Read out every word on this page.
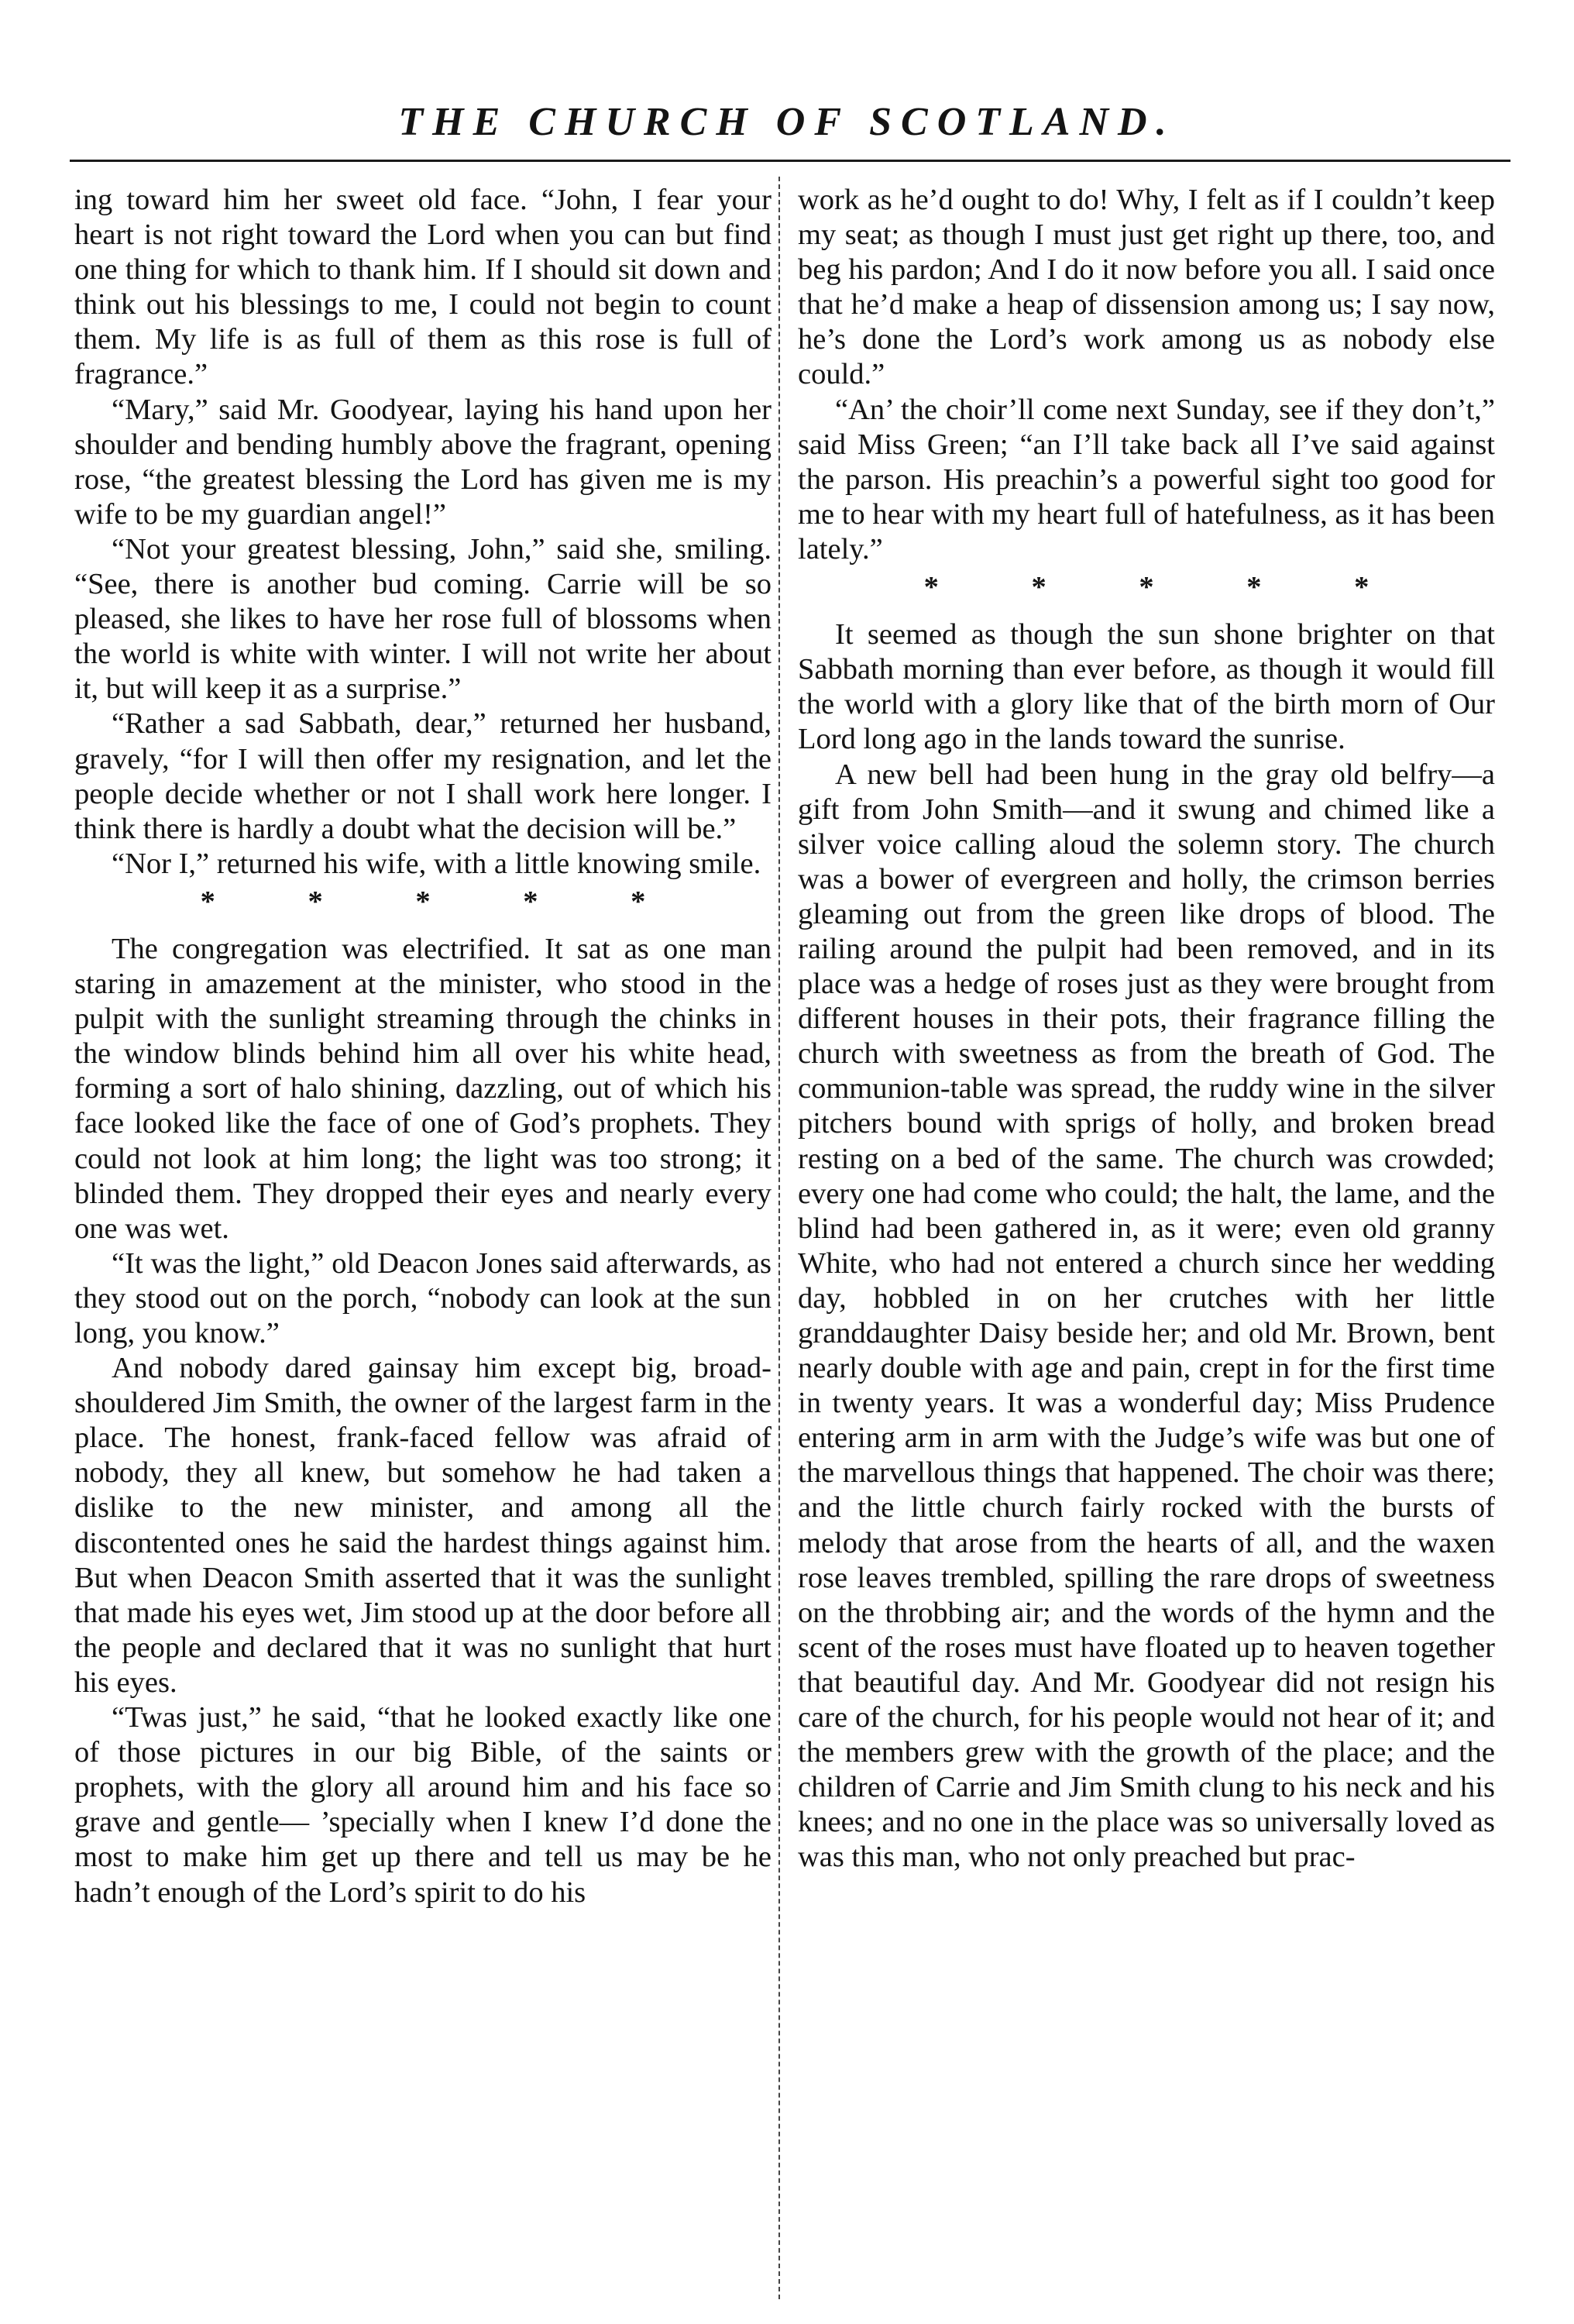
THE CHURCH OF SCOTLAND.

ing toward him her sweet old face. “John, I fear your heart is not right toward the Lord when you can but find one thing for which to thank him. If I should sit down and think out his blessings to me, I could not begin to count them. My life is as full of them as this rose is full of fragrance.”

“Mary,” said Mr. Goodyear, laying his hand upon her shoulder and bending humbly above the fragrant, opening rose, “the greatest blessing the Lord has given me is my wife to be my guardian angel!”

“Not your greatest blessing, John,” said she, smiling. “See, there is another bud coming. Carrie will be so pleased, she likes to have her rose full of blossoms when the world is white with winter. I will not write her about it, but will keep it as a surprise.”

“Rather a sad Sabbath, dear,” returned her husband, gravely, “for I will then offer my resignation, and let the people decide whether or not I shall work here longer. I think there is hardly a doubt what the decision will be.”

“Nor I,” returned his wife, with a little knowing smile.

* * * * *

The congregation was electrified. It sat as one man staring in amazement at the minister, who stood in the pulpit with the sunlight streaming through the chinks in the window blinds behind him all over his white head, forming a sort of halo shining, dazzling, out of which his face looked like the face of one of God’s prophets. They could not look at him long; the light was too strong; it blinded them. They dropped their eyes and nearly every one was wet.

“It was the light,” old Deacon Jones said afterwards, as they stood out on the porch, “nobody can look at the sun long, you know.”

And nobody dared gainsay him except big, broad-shouldered Jim Smith, the owner of the largest farm in the place. The honest, frank-faced fellow was afraid of nobody, they all knew, but somehow he had taken a dislike to the new minister, and among all the discontented ones he said the hardest things against him. But when Deacon Smith asserted that it was the sunlight that made his eyes wet, Jim stood up at the door before all the people and declared that it was no sunlight that hurt his eyes.

“Twas just,” he said, “that he looked exactly like one of those pictures in our big Bible, of the saints or prophets, with the glory all around him and his face so grave and gentle— ’specially when I knew I’d done the most to make him get up there and tell us may be he hadn’t enough of the Lord’s spirit to do his

work as he’d ought to do! Why, I felt as if I couldn’t keep my seat; as though I must just get right up there, too, and beg his pardon; And I do it now before you all. I said once that he’d make a heap of dissension among us; I say now, he’s done the Lord’s work among us as nobody else could.”

“An’ the choir’ll come next Sunday, see if they don’t,” said Miss Green; “an I’ll take back all I’ve said against the parson. His preachin’s a powerful sight too good for me to hear with my heart full of hatefulness, as it has been lately.”

* * * * *

It seemed as though the sun shone brighter on that Sabbath morning than ever before, as though it would fill the world with a glory like that of the birth morn of Our Lord long ago in the lands toward the sunrise.

A new bell had been hung in the gray old belfry—a gift from John Smith—and it swung and chimed like a silver voice calling aloud the solemn story. The church was a bower of evergreen and holly, the crimson berries gleaming out from the green like drops of blood. The railing around the pulpit had been removed, and in its place was a hedge of roses just as they were brought from different houses in their pots, their fragrance filling the church with sweetness as from the breath of God. The communion-table was spread, the ruddy wine in the silver pitchers bound with sprigs of holly, and broken bread resting on a bed of the same. The church was crowded; every one had come who could; the halt, the lame, and the blind had been gathered in, as it were; even old granny White, who had not entered a church since her wedding day, hobbled in on her crutches with her little granddaughter Daisy beside her; and old Mr. Brown, bent nearly double with age and pain, crept in for the first time in twenty years. It was a wonderful day; Miss Prudence entering arm in arm with the Judge’s wife was but one of the marvellous things that happened. The choir was there; and the little church fairly rocked with the bursts of melody that arose from the hearts of all, and the waxen rose leaves trembled, spilling the rare drops of sweetness on the throbbing air; and the words of the hymn and the scent of the roses must have floated up to heaven together that beautiful day. And Mr. Goodyear did not resign his care of the church, for his people would not hear of it; and the members grew with the growth of the place; and the children of Carrie and Jim Smith clung to his neck and his knees; and no one in the place was so universally loved as was this man, who not only preached but prac-
